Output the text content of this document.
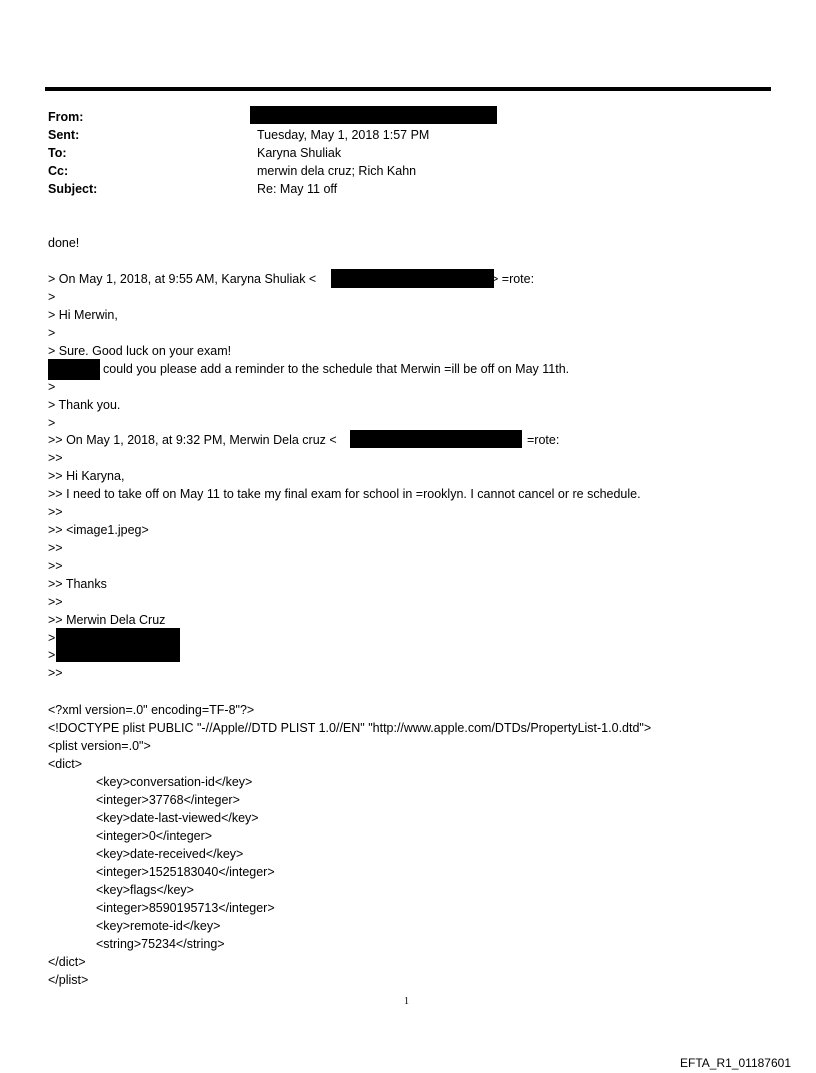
From:
Sent:	Tuesday, May 1, 2018 1:57 PM
To:	Karyna Shuliak
Cc:	merwin dela cruz; Rich Kahn
Subject:	Re: May 11 off
done!
> On May 1, 2018, at 9:55 AM, Karyna Shuliak <	> =rote:
>
> Hi Merwin,
>
> Sure. Good luck on your exam!
could you please add a reminder to the schedule that Merwin =ill be off on May 11th.
>
> Thank you.
>
>> On May 1, 2018, at 9:32 PM, Merwin Dela cruz <	=rote:
>>
>> Hi Karyna,
>> I need to take off on May 11 to take my final exam for school in =rooklyn. I cannot cancel or re schedule.
>>
>> <image1.jpeg>
>>
>>
>> Thanks
>>
>> Merwin Dela Cruz
>
>
>>
<?xml version=.0" encoding=TF-8"?>
<!DOCTYPE plist PUBLIC "-//Apple//DTD PLIST 1.0//EN" "http://www.apple.com/DTDs/PropertyList-1.0.dtd">
<plist version=.0">
<dict>
<key>conversation-id</key>
<integer>37768</integer>
<key>date-last-viewed</key>
<integer>0</integer>
<key>date-received</key>
<integer>1525183040</integer>
<key>flags</key>
<integer>8590195713</integer>
<key>remote-id</key>
<string>75234</string>
</dict>
</plist>
1
EFTA_R1_01187601
